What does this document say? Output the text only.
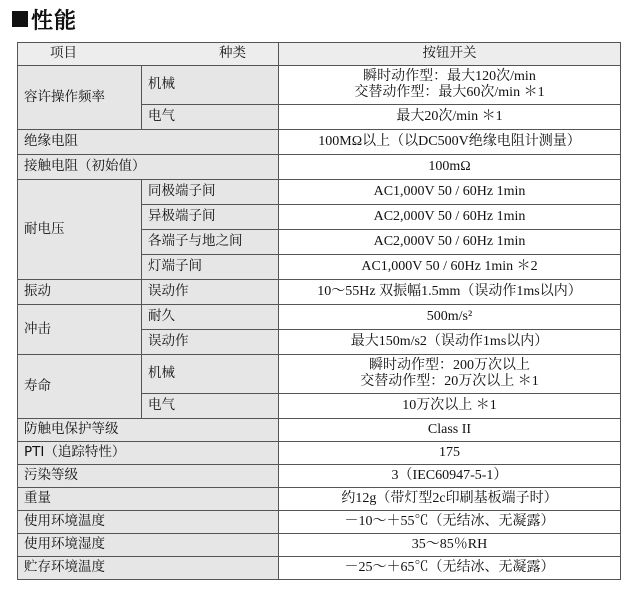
性能
项目 种类		按钮开关
容许操作频率	机械	瞬时动作型：最大120次/min
交替动作型：最大60次/min ＊1

	电气	最大20次/min ＊1
绝缘电阻		100MΩ以上（以DC500V绝缘电阻计测量）
接触电阻（初始值）		100mΩ
耐电压	同极端子间	AC1,000V 50 / 60Hz 1min
	异极端子间	AC2,000V 50 / 60Hz 1min
	各端子与地之间	AC2,000V 50 / 60Hz 1min
	灯端子间	AC1,000V 50 / 60Hz 1min ＊2
振动	误动作	10～55Hz 双振幅1.5mm（误动作1ms以内）
冲击	耐久	500m/s²
	误动作	最大150m/s2（误动作1ms以内）
寿命	机械	瞬时动作型：200万次以上
交替动作型：20万次以上 ＊1

	电气	10万次以上 ＊1
防触电保护等级		Class II
PTI（追踪特性）		175
污染等级		3（IEC60947-5-1）
重量		约12g（带灯型2c印刷基板端子时）
使用环境温度		－10～＋55℃（无结冰、无凝露）
使用环境湿度		35～85％RH
贮存环境温度		－25～＋65℃（无结冰、无凝露）
